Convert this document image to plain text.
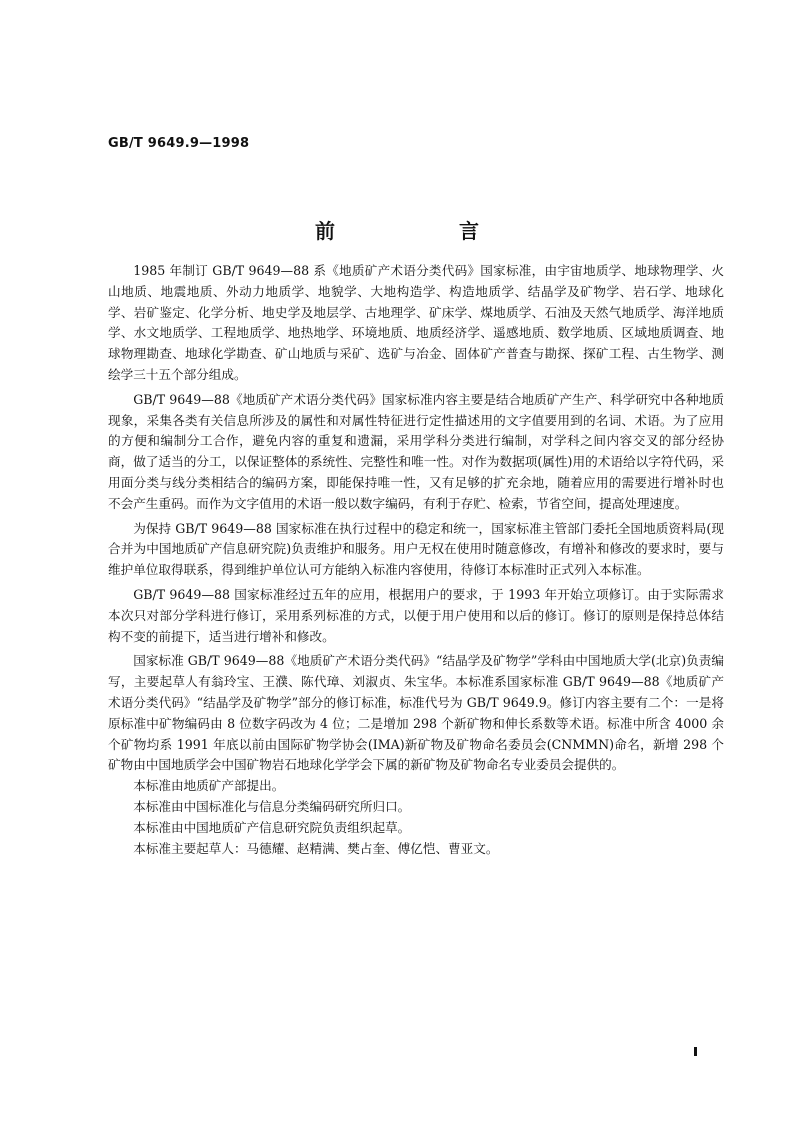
GB/T 9649.9—1998
前　言

1985 年制订 GB/T 9649—88 系《地质矿产术语分类代码》国家标准，由宇宙地质学、地球物理学、火山地质、地震地质、外动力地质学、地貌学、大地构造学、构造地质学、结晶学及矿物学、岩石学、地球化学、岩矿鉴定、化学分析、地史学及地层学、古地理学、矿床学、煤地质学、石油及天然气地质学、海洋地质学、水文地质学、工程地质学、地热地学、环境地质、地质经济学、遥感地质、数学地质、区域地质调查、地球物理勘查、地球化学勘查、矿山地质与采矿、选矿与冶金、固体矿产普查与勘探、探矿工程、古生物学、测绘学三十五个部分组成。

GB/T 9649—88《地质矿产术语分类代码》国家标准内容主要是结合地质矿产生产、科学研究中各种地质现象，采集各类有关信息所涉及的属性和对属性特征进行定性描述用的文字值要用到的名词、术语。为了应用的方便和编制分工合作，避免内容的重复和遗漏，采用学科分类进行编制，对学科之间内容交叉的部分经协商，做了适当的分工，以保证整体的系统性、完整性和唯一性。对作为数据项(属性)用的术语给以字符代码，采用面分类与线分类相结合的编码方案，即能保持唯一性，又有足够的扩充余地，随着应用的需要进行增补时也不会产生重码。而作为文字值用的术语一般以数字编码，有利于存贮、检索，节省空间，提高处理速度。

为保持 GB/T 9649—88 国家标准在执行过程中的稳定和统一，国家标准主管部门委托全国地质资料局(现合并为中国地质矿产信息研究院)负责维护和服务。用户无权在使用时随意修改，有增补和修改的要求时，要与维护单位取得联系，得到维护单位认可方能纳入标准内容使用，待修订本标准时正式列入本标准。

GB/T 9649—88 国家标准经过五年的应用，根据用户的要求，于 1993 年开始立项修订。由于实际需求本次只对部分学科进行修订，采用系列标准的方式，以便于用户使用和以后的修订。修订的原则是保持总体结构不变的前提下，适当进行增补和修改。

国家标准 GB/T 9649—88《地质矿产术语分类代码》“结晶学及矿物学”学科由中国地质大学(北京)负责编写，主要起草人有翁玲宝、王濮、陈代璋、刘淑贞、朱宝华。本标准系国家标准 GB/T 9649—88《地质矿产术语分类代码》“结晶学及矿物学”部分的修订标准，标准代号为 GB/T 9649.9。修订内容主要有二个：一是将原标准中矿物编码由 8 位数字码改为 4 位；二是增加 298 个新矿物和伸长系数等术语。标准中所含 4000 余个矿物均系 1991 年底以前由国际矿物学协会(IMA)新矿物及矿物命名委员会(CNMMN)命名，新增 298 个矿物由中国地质学会中国矿物岩石地球化学学会下属的新矿物及矿物命名专业委员会提供的。

本标准由地质矿产部提出。

本标准由中国标准化与信息分类编码研究所归口。

本标准由中国地质矿产信息研究院负责组织起草。

本标准主要起草人：马德耀、赵精满、樊占奎、傅亿恺、曹亚文。
